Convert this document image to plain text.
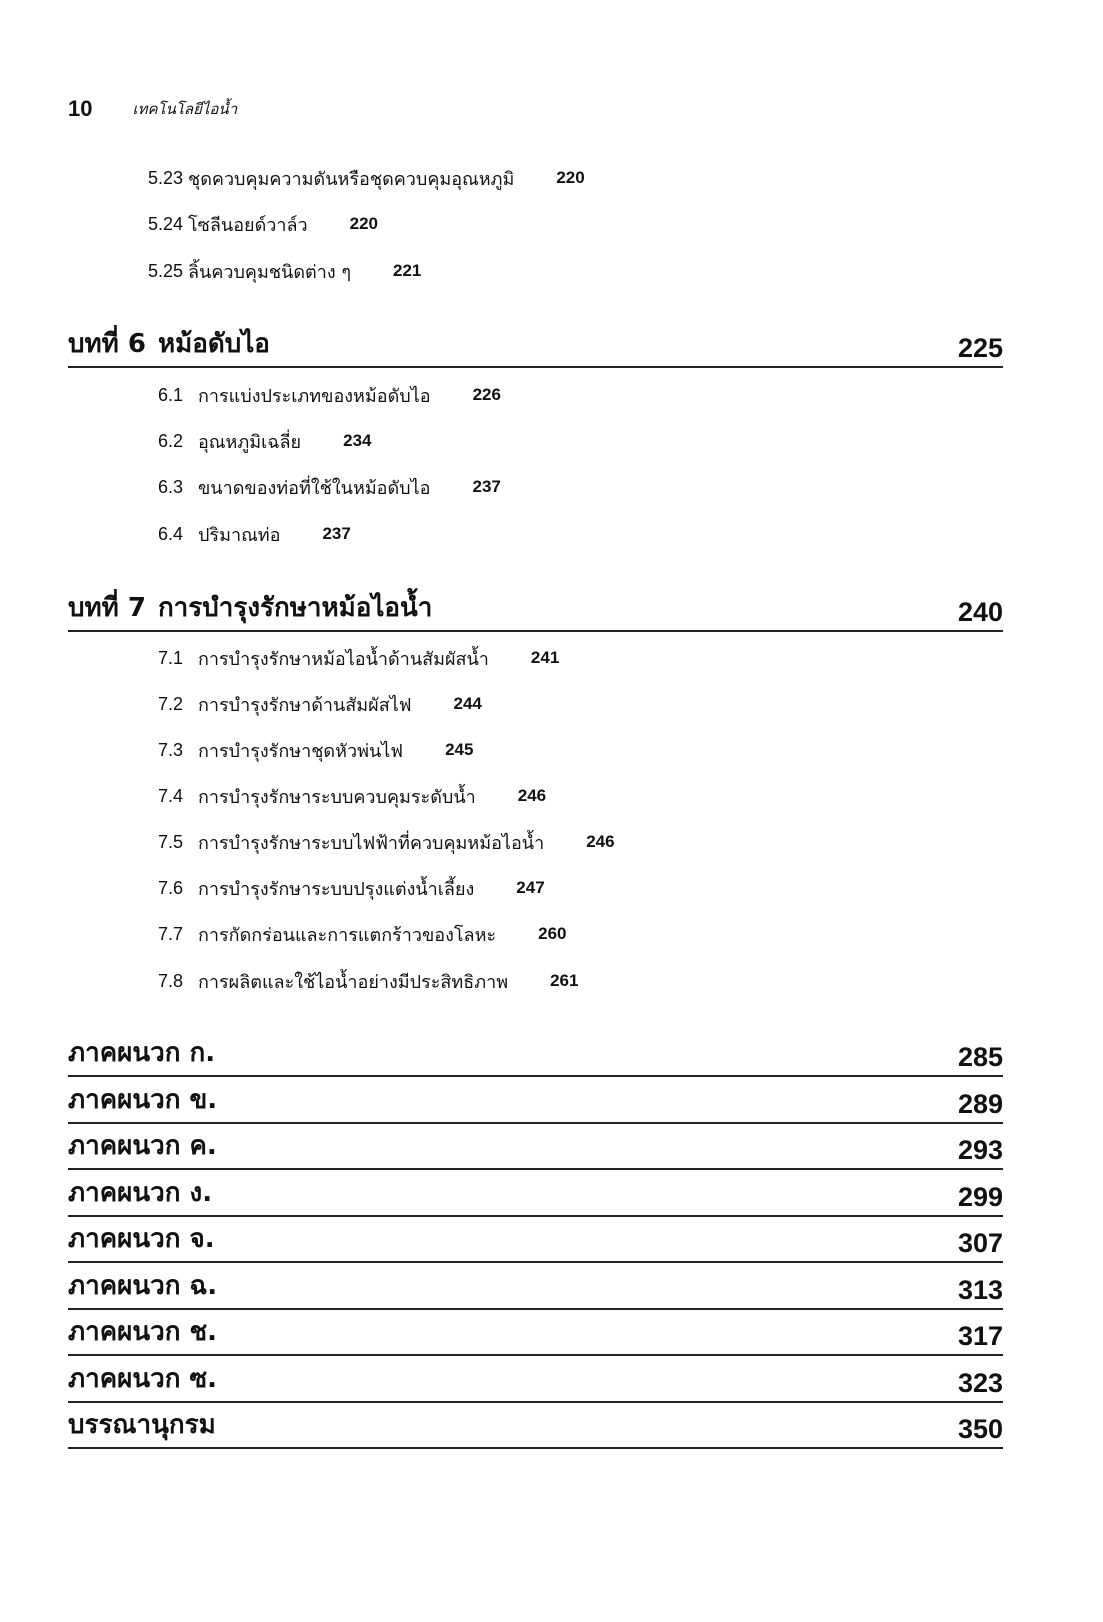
10	เทคโนโลยีไอน้ำ
5.23 ชุดควบคุมความดันหรือชุดควบคุมอุณหภูมิ 220
5.24 โซลีนอยด์วาล์ว 220
5.25 ลิ้นควบคุมชนิดต่าง ๆ 221
บทที่ 6 หม้อดับไอ	225
6.1 การแบ่งประเภทของหม้อดับไอ 226
6.2 อุณหภูมิเฉลี่ย 234
6.3 ขนาดของท่อที่ใช้ในหม้อดับไอ 237
6.4 ปริมาณท่อ 237
บทที่ 7 การบำรุงรักษาหม้อไอน้ำ	240
7.1 การบำรุงรักษาหม้อไอน้ำด้านสัมผัสน้ำ 241
7.2 การบำรุงรักษาด้านสัมผัสไฟ 244
7.3 การบำรุงรักษาชุดหัวพ่นไฟ 245
7.4 การบำรุงรักษาระบบควบคุมระดับน้ำ 246
7.5 การบำรุงรักษาระบบไฟฟ้าที่ควบคุมหม้อไอน้ำ 246
7.6 การบำรุงรักษาระบบปรุงแต่งน้ำเลี้ยง 247
7.7 การกัดกร่อนและการแตกร้าวของโลหะ 260
7.8 การผลิตและใช้ไอน้ำอย่างมีประสิทธิภาพ 261
ภาคผนวก ก.	285
ภาคผนวก ข.	289
ภาคผนวก ค.	293
ภาคผนวก ง.	299
ภาคผนวก จ.	307
ภาคผนวก ฉ.	313
ภาคผนวก ช.	317
ภาคผนวก ซ.	323
บรรณานุกรม	350
